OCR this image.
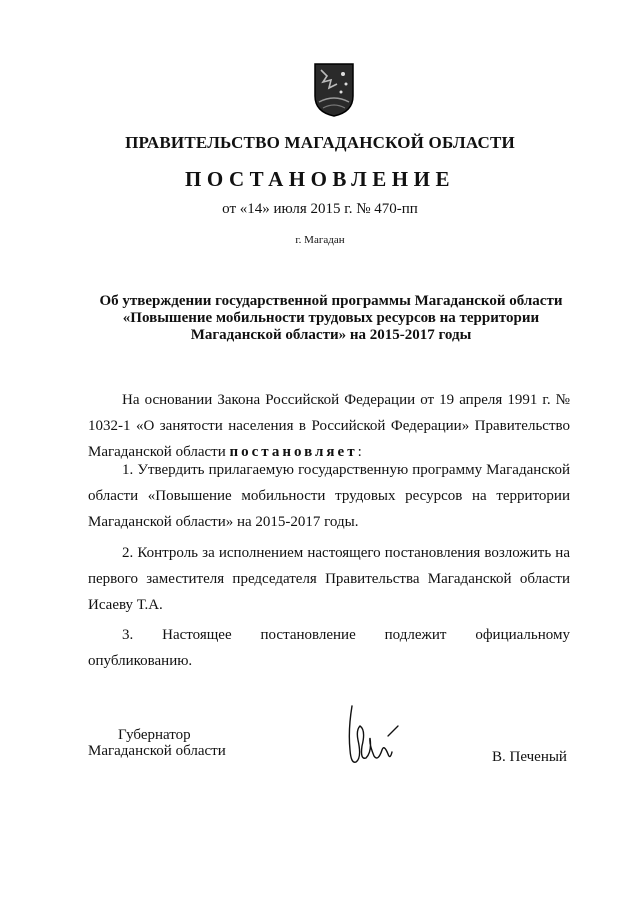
ПРАВИТЕЛЬСТВО МАГАДАНСКОЙ ОБЛАСТИ
ПОСТАНОВЛЕНИЕ
от «14» июля 2015 г. № 470-пп
г. Магадан
Об утверждении государственной программы Магаданской области
«Повышение мобильности трудовых ресурсов на территории
Магаданской области» на 2015-2017 годы
На основании Закона Российской Федерации от 19 апреля 1991 г. № 1032-1 «О занятости населения в Российской Федерации» Правительство Магаданской области постановляет:
1. Утвердить прилагаемую государственную программу Магаданской области «Повышение мобильности трудовых ресурсов на территории Магаданской области» на 2015-2017 годы.
2. Контроль за исполнением настоящего постановления возложить на первого заместителя председателя Правительства Магаданской области Исаеву Т.А.
3. Настоящее постановление подлежит официальному опубликованию.
Губернатор
Магаданской области	В. Печеный
